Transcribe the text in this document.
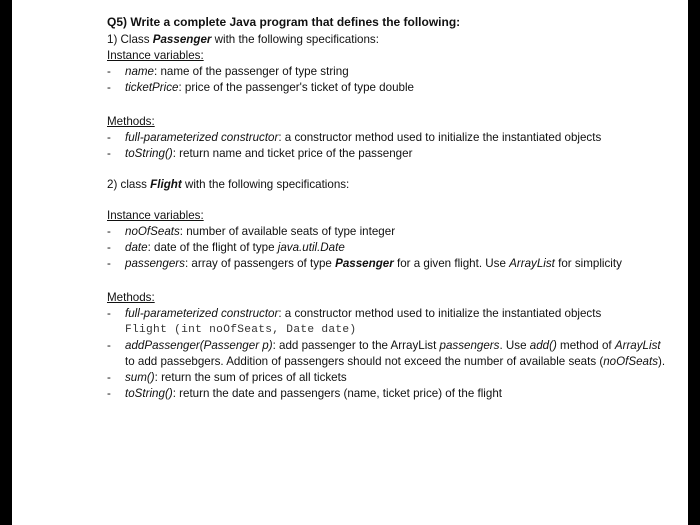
Q5) Write a complete Java program that defines the following:
1) Class Passenger with the following specifications:
Instance variables:
-	name: name of the passenger of type string
-	ticketPrice: price of the passenger's ticket of type double
Methods:
-	full-parameterized constructor: a constructor method used to initialize the instantiated objects
-	toString(): return name and ticket price of the passenger
2) class Flight with the following specifications:
Instance variables:
-	noOfSeats: number of available seats of type integer
-	date: date of the flight of type java.util.Date
-	passengers: array of passengers of type Passenger for a given flight. Use ArrayList for simplicity
Methods:
-	full-parameterized constructor: a constructor method used to initialize the instantiated objects
Flight (int noOfSeats, Date date)
-	addPassenger(Passenger p): add passenger to the ArrayList passengers. Use add() method of ArrayList to add passebgers. Addition of passengers should not exceed the number of available seats (noOfSeats).
-	sum(): return the sum of prices of all tickets
-	toString(): return the date and passengers (name, ticket price) of the flight
